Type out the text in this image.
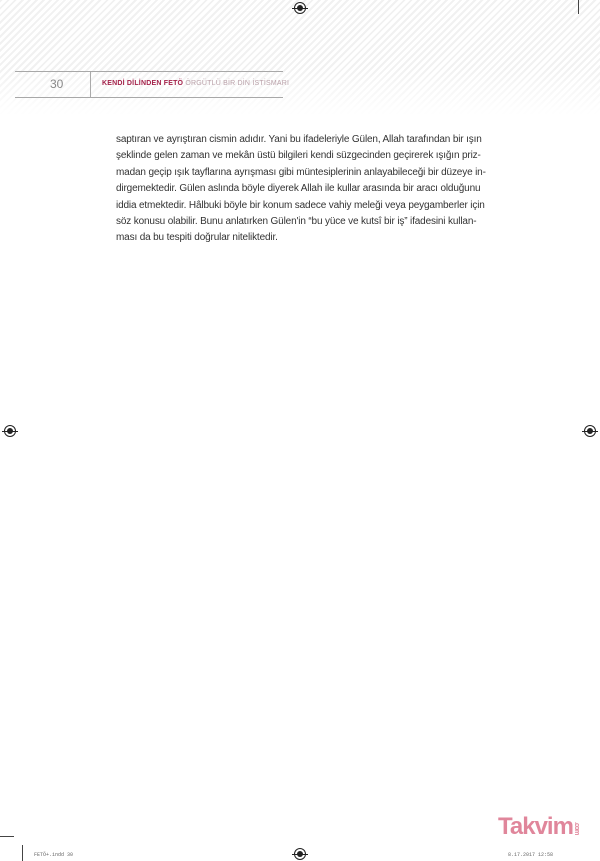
30	KENDİ DİLİNDEN FETÖ ÖRGÜTLÜ BİR DİN İSTİSMARI
saptıran ve ayrıştıran cismin adıdır. Yani bu ifadeleriyle Gülen, Allah tarafından bir ışın
şeklinde gelen zaman ve mekân üstü bilgileri kendi süzgecinden geçirerek ışığın priz-
madan geçip ışık tayflarına ayrışması gibi müntesiplerinin anlayabileceği bir düzeye in-
dirgemektedir. Gülen aslında böyle diyerek Allah ile kullar arasında bir aracı olduğunu
iddia etmektedir. Hâlbuki böyle bir konum sadece vahiy meleği veya peygamberler için
söz konusu olabilir. Bunu anlatırken Gülen'in “bu yüce ve kutsî bir iş” ifadesini kullan-
ması da bu tespiti doğrular niteliktedir.
FETÖ+.indd 30	8.17.2017 12:58
Takvim.com
